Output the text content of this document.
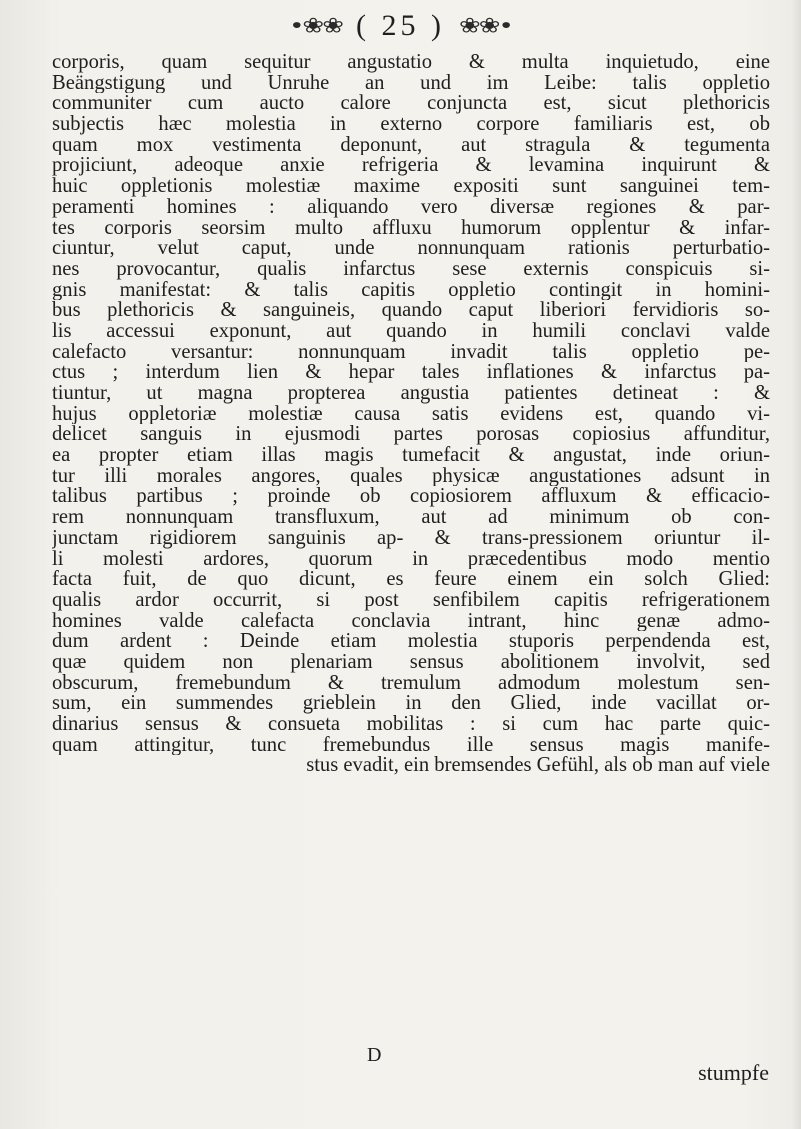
•❀❀ ( 25 ) ❀❀•
corporis, quam sequitur angustatio & multa inquietudo, eine
Beängstigung und Unruhe an und im Leibe: talis oppletio
communiter cum aucto calore conjuncta est, sicut plethoricis
subjectis hæc molestia in externo corpore familiaris est, ob
quam mox vestimenta deponunt, aut stragula & tegumenta
projiciunt, adeoque anxie refrigeria & levamina inquirunt &
huic oppletionis molestiæ maxime expositi sunt sanguinei tem-
peramenti homines : aliquando vero diversæ regiones & par-
tes corporis seorsim multo affluxu humorum opplentur & infar-
ciuntur, velut caput, unde nonnunquam rationis perturbatio-
nes provocantur, qualis infarctus sese externis conspicuis si-
gnis manifestat: & talis capitis oppletio contingit in homini-
bus plethoricis & sanguineis, quando caput liberiori fervidioris so-
lis accessui exponunt, aut quando in humili conclavi valde
calefacto versantur: nonnunquam invadit talis oppletio pe-
ctus ; interdum lien & hepar tales inflationes & infarctus pa-
tiuntur, ut magna propterea angustia patientes detineat : &
hujus oppletoriæ molestiæ causa satis evidens est, quando vi-
delicet sanguis in ejusmodi partes porosas copiosius affunditur,
ea propter etiam illas magis tumefacit & angustat, inde oriun-
tur illi morales angores, quales physicæ angustationes adsunt in
talibus partibus ; proinde ob copiosiorem affluxum & efficacio-
rem nonnunquam transfluxum, aut ad minimum ob con-
junctam rigidiorem sanguinis ap- & trans-pressionem oriuntur il-
li molesti ardores, quorum in præcedentibus modo mentio
facta fuit, de quo dicunt, es feure einem ein solch Glied:
qualis ardor occurrit, si post senfibilem capitis refrigerationem
homines valde calefacta conclavia intrant, hinc genæ admo-
dum ardent : Deinde etiam molestia stuporis perpendenda est,
quæ quidem non plenariam sensus abolitionem involvit, sed
obscurum, fremebundum & tremulum admodum molestum sen-
sum, ein summendes grieblein in den Glied, inde vacillat or-
dinarius sensus & consueta mobilitas : si cum hac parte quic-
quam attingitur, tunc fremebundus ille sensus magis manife-
stus evadit, ein bremsendes Gefühl, als ob man auf viele
D
stumpfe
